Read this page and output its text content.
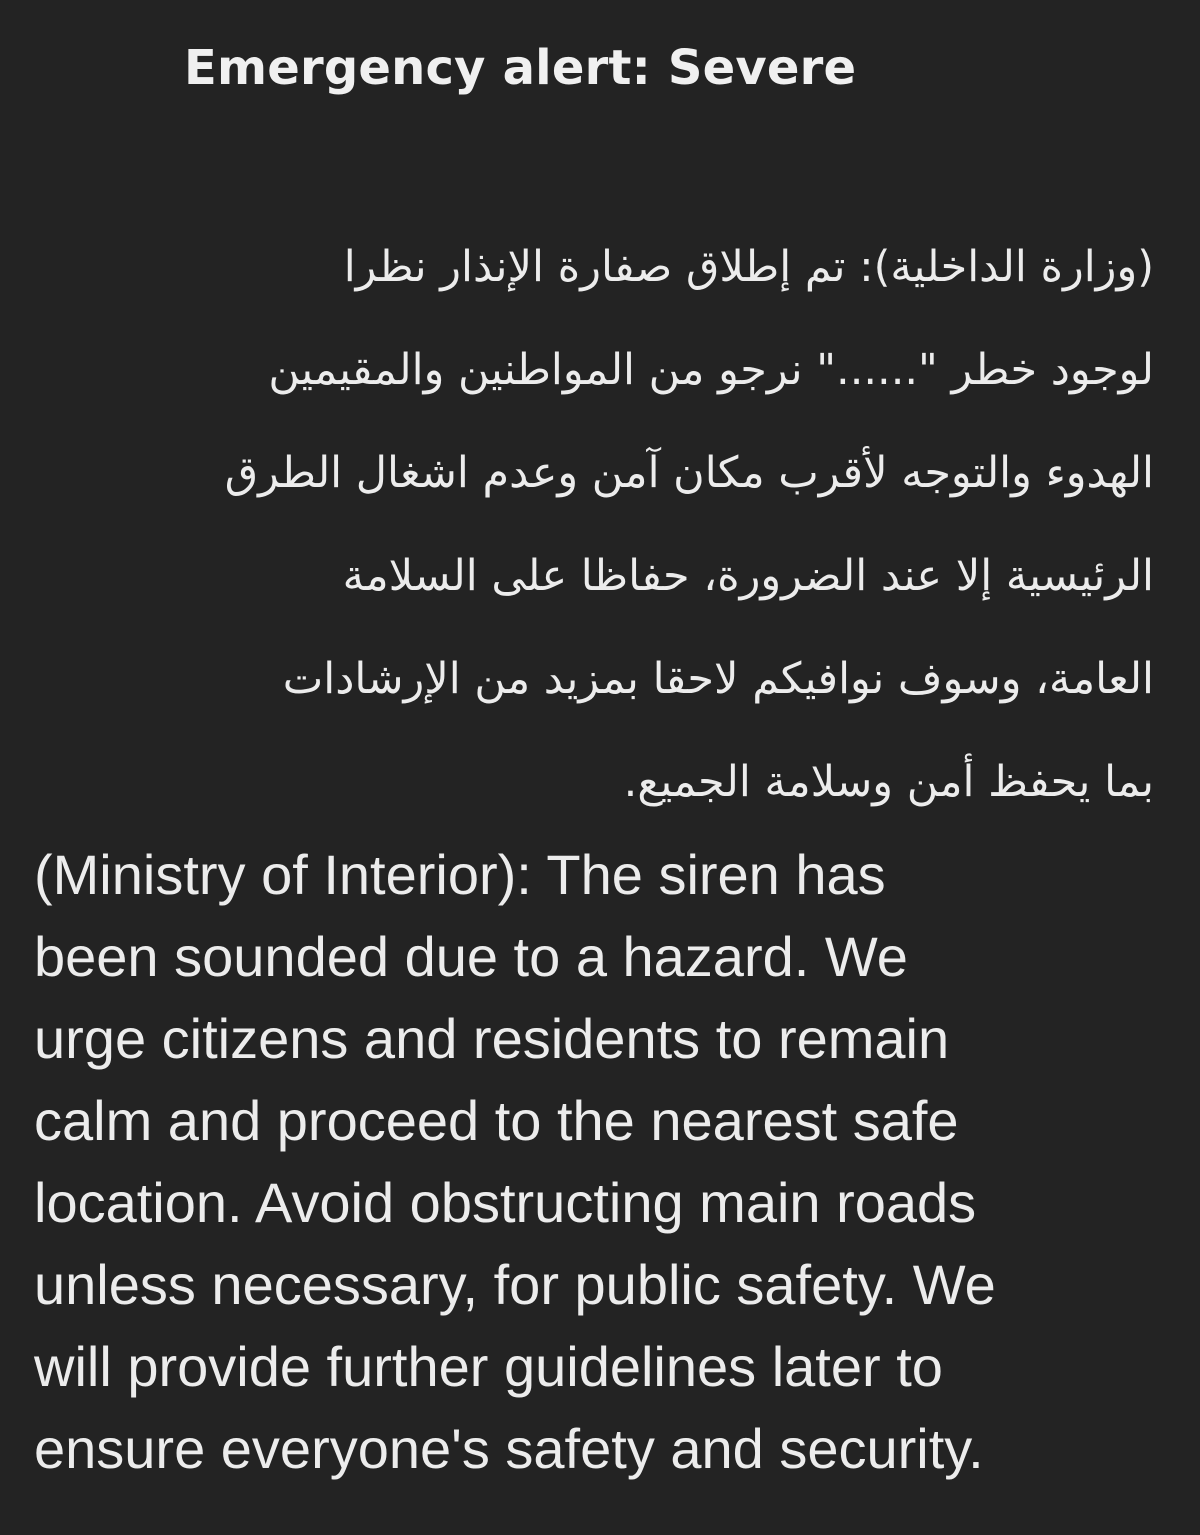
Emergency alert: Severe
(وزارة الداخلية): تم إطلاق صفارة الإنذار نظرا
لوجود خطر "......" نرجو من المواطنين والمقيمين
الهدوء والتوجه لأقرب مكان آمن وعدم اشغال الطرق
الرئيسية إلا عند الضرورة، حفاظا على السلامة
العامة، وسوف نوافيكم لاحقا بمزيد من الإرشادات
بما يحفظ أمن وسلامة الجميع.
(Ministry of Interior): The siren has
been sounded due to a hazard. We
urge citizens and residents to remain
calm and proceed to the nearest safe
location. Avoid obstructing main roads
unless necessary, for public safety. We
will provide further guidelines later to
ensure everyone's safety and security.
